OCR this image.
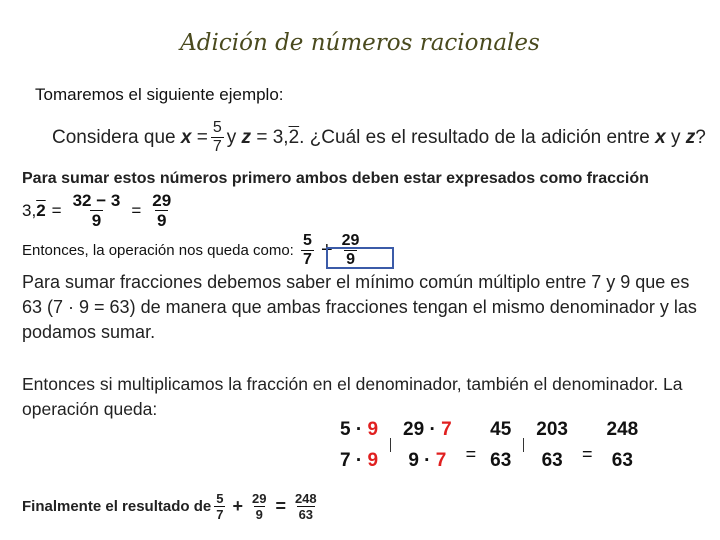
Adición de números racionales
Tomaremos el siguiente ejemplo:
Considera que
x
= $\frac{5}{7}$ y
z
=
3, 2 .
¿Cuál es el resultado de la adición entre
x
y
z ?
Para sumar estos números primero ambos deben estar expresados como fracción
3, $2 = \frac{32 - 3}{9} = \frac{29}{9}$
Entonces, la operación nos queda como:
$\frac{5}{7} + \frac{29}{9}$
Para sumar fracciones debemos saber el mínimo común múltiplo entre 7 y 9 que es 63 (7 · 9 = 63) de manera que ambas fracciones tengan el mismo denominador y las podamos sumar.
Entonces si multiplicamos la fracción en el denominador, también el denominador. La operación queda:
5 · 9
7 · 9
29 · 7
9 · 7 =
45
63
203
63 =
248
63
Finalmente el resultado de $\frac{5}{7} + \frac{29}{9} = \frac{248}{63}$
